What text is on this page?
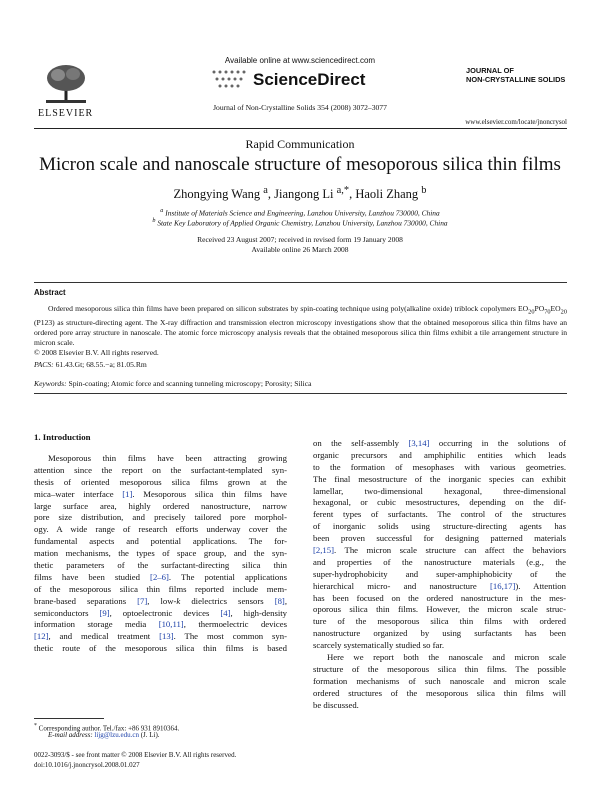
ELSEVIER
Available online at www.sciencedirect.com
ScienceDirect
Journal of Non-Crystalline Solids 354 (2008) 3072–3077
JOURNAL OF
NON-CRYSTALLINE SOLIDS
www.elsevier.com/locate/jnoncrysol
Rapid Communication
Micron scale and nanoscale structure of mesoporous silica thin films
Zhongying Wang $^a$, Jiangong Li $^{a,*}$, Haoli Zhang $^b$
$^a$ Institute of Materials Science and Engineering, Lanzhou University, Lanzhou 730000, China
$^b$ State Key Laboratory of Applied Organic Chemistry, Lanzhou University, Lanzhou 730000, China
Received 23 August 2007; received in revised form 19 January 2008
Available online 26 March 2008
Abstract

Ordered mesoporous silica thin films have been prepared on silicon substrates by spin-coating technique using poly(alkaline oxide) triblock copolymers $EO_{20}PO_{70}EO_{20}$ (P123) as structure-directing agent. The X-ray diffraction and transmission electron microscopy investigations show that the obtained mesoporous silica thin films have an ordered pore array structure in nanoscale. The atomic force microscopy analysis reveals that the obtained mesoporous silica thin films exhibit a tile arrangement structure in micron scale.

© 2008 Elsevier B.V. All rights reserved.

PACS: 61.43.Gt; 68.55.−a; 81.05.Rm
Keywords: Spin-coating; Atomic force and scanning tunneling microscopy; Porosity; Silica
1. Introduction
Mesoporous thin films have been attracting growing
attention since the report on the surfactant-templated syn-
thesis of oriented mesoporous silica films grown at the
mica–water interface [1]. Mesoporous silica thin films have
large surface area, highly ordered nanostructure, narrow
pore size distribution, and precisely tailored pore morphol-
ogy. A wide range of research efforts underway cover the
fundamental aspects and potential applications. The for-
mation mechanisms, the types of space group, and the syn-
thetic parameters of the surfactant-directing silica thin
films have been studied [2–6]. The potential applications
of the mesoporous silica thin films reported include mem-
brane-based separations [7], low-k dielectrics sensors [8],
semiconductors [9], optoelectronic devices [4], high-density
information storage media [10,11], thermoelectric devices
[12], and medical treatment [13]. The most common syn-
thetic route of the mesoporous silica thin films is based
on the self-assembly [3,14] occurring in the solutions of
organic precursors and amphiphilic entities which leads
to the formation of mesophases with various geometries.
The final mesostructure of the inorganic species can exhibit
lamellar, two-dimensional hexagonal, three-dimensional
hexagonal, or cubic mesostructures, depending on the dif-
ferent types of surfactants. The control of the structures
of inorganic solids using structure-directing agents has
been proven successful for designing patterned materials
[2,15]. The micron scale structure can affect the behaviors
and properties of the nanostructure materials (e.g., the
super-hydrophobicity and super-amphiphobicity of the
hierarchical micro- and nanostructure [16,17]). Attention
has been focused on the ordered nanostructure in the mes-
oporous silica thin films. However, the micron scale struc-
ture of the mesoporous silica thin films with ordered
nanostructure organized by using surfactants has been
scarcely systematically studied so far.
Here we report both the nanoscale and micron scale
structure of the mesoporous silica thin films. The possible
formation mechanisms of such nanoscale and micron scale
ordered structures of the mesoporous silica thin films will
be discussed.
* Corresponding author. Tel./fax: +86 931 8910364.
E-mail address: lijg@lzu.edu.cn (J. Li).
0022-3093/$ - see front matter © 2008 Elsevier B.V. All rights reserved.
doi:10.1016/j.jnoncrysol.2008.01.027
